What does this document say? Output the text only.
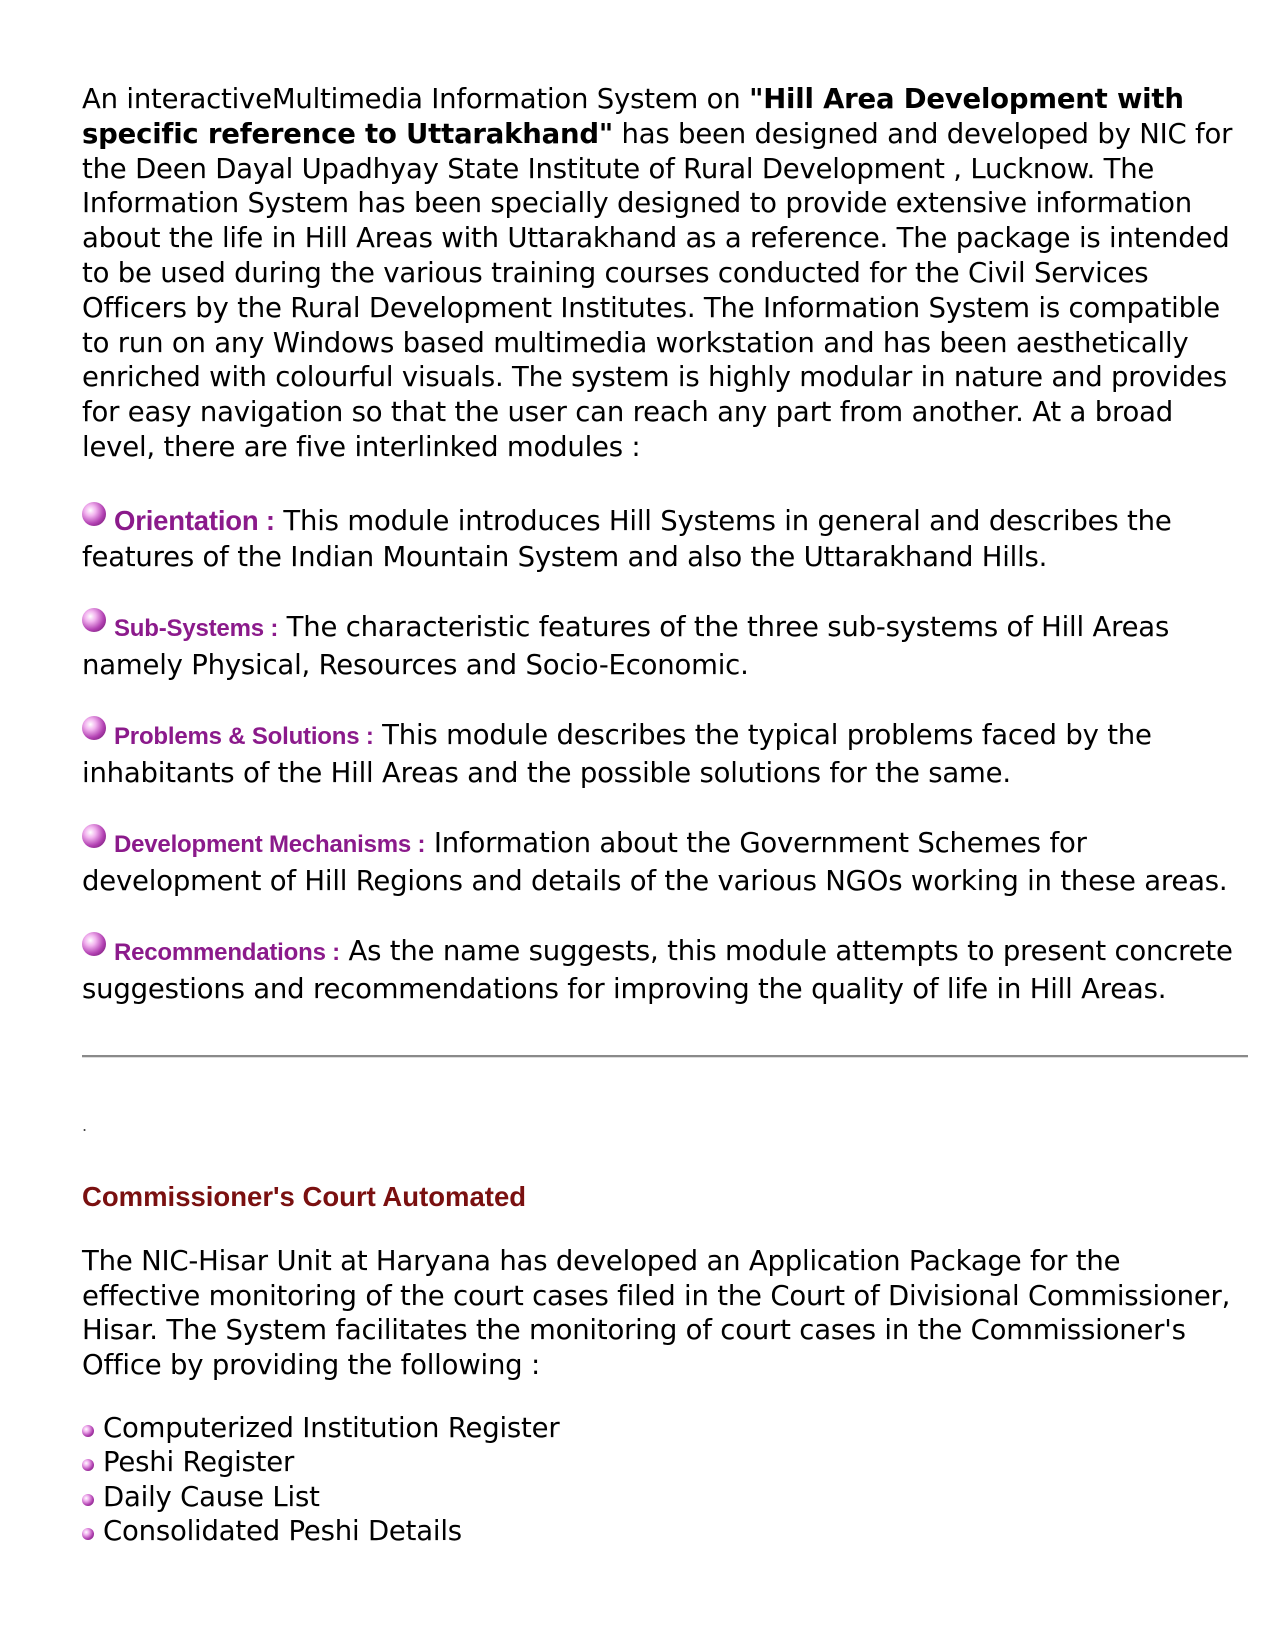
An interactiveMultimedia Information System on "Hill Area Development with specific reference to Uttarakhand" has been designed and developed by NIC for the Deen Dayal Upadhyay State Institute of Rural Development , Lucknow. The Information System has been specially designed to provide extensive information about the life in Hill Areas with Uttarakhand as a reference. The package is intended to be used during the various training courses conducted for the Civil Services Officers by the Rural Development Institutes. The Information System is compatible to run on any Windows based multimedia workstation and has been aesthetically enriched with colourful visuals. The system is highly modular in nature and provides for easy navigation so that the user can reach any part from another. At a broad level, there are five interlinked modules :

Orientation : This module introduces Hill Systems in general and describes the features of the Indian Mountain System and also the Uttarakhand Hills.

Sub-Systems : The characteristic features of the three sub-systems of Hill Areas namely Physical, Resources and Socio-Economic.

Problems & Solutions : This module describes the typical problems faced by the inhabitants of the Hill Areas and the possible solutions for the same.

Development Mechanisms : Information about the Government Schemes for development of Hill Regions and details of the various NGOs working in these areas.

Recommendations : As the name suggests, this module attempts to present concrete suggestions and recommendations for improving the quality of life in Hill Areas.

.
Commissioner's Court Automated

The NIC-Hisar Unit at Haryana has developed an Application Package for the effective monitoring of the court cases filed in the Court of Divisional Commissioner, Hisar. The System facilitates the monitoring of court cases in the Commissioner's Office by providing the following :

Computerized Institution Register
Peshi Register
Daily Cause List
Consolidated Peshi Details
